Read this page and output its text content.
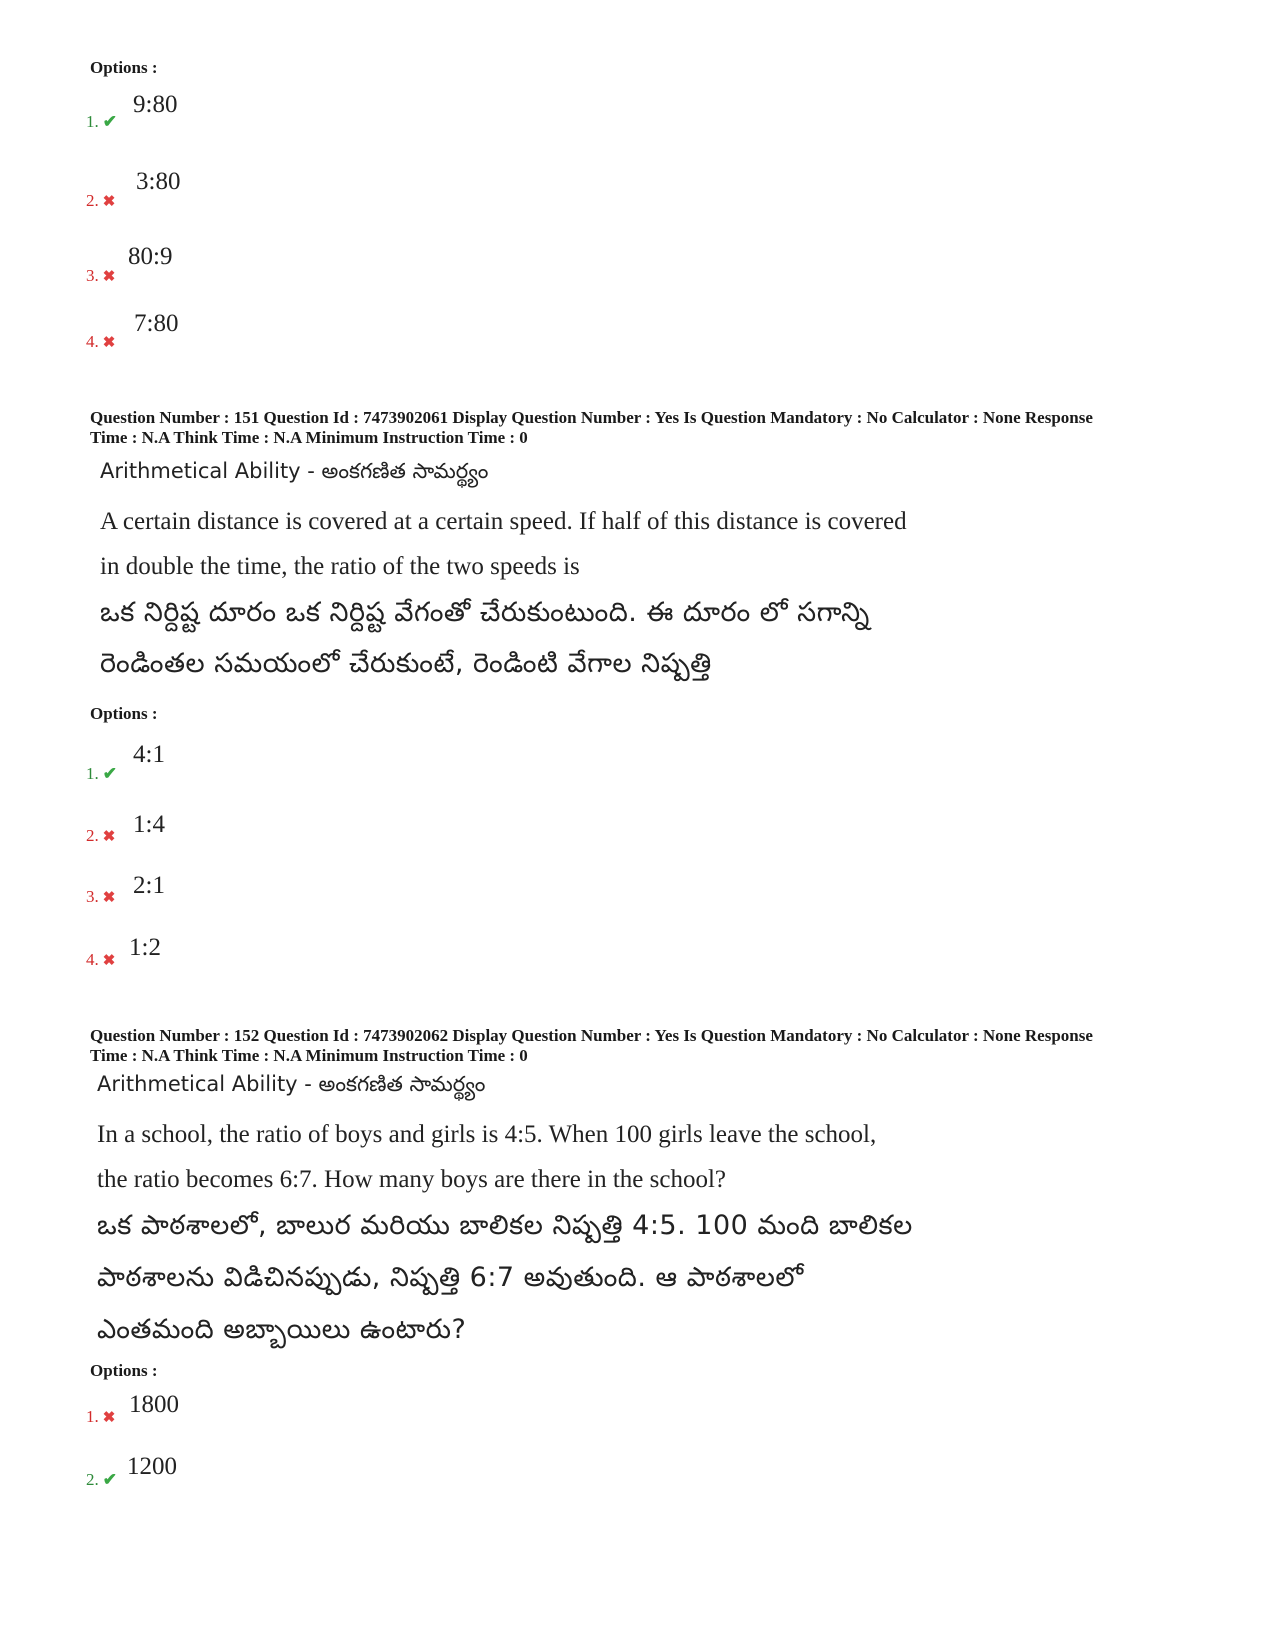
Options :
1. ✔
9:80
2. ✖
3:80
3. ✖
80:9
4. ✖
7:80
Question Number : 151 Question Id : 7473902061 Display Question Number : Yes Is Question Mandatory : No Calculator : None Response
Time : N.A Think Time : N.A Minimum Instruction Time : 0
Arithmetical Ability - అంకగణిత సామర్థ్యం
A certain distance is covered at a certain speed. If half of this distance is covered
in double the time, the ratio of the two speeds is
ఒక నిర్దిష్ట దూరం ఒక నిర్దిష్ట వేగంతో చేరుకుంటుంది. ఈ దూరం లో సగాన్ని
రెండింతల సమయంలో చేరుకుంటే, రెండింటి వేగాల నిష్పత్తి
Options :
1. ✔
4:1
2. ✖ 1:4
3. ✖ 2:1
4. ✖ 1:2
Question Number : 152 Question Id : 7473902062 Display Question Number : Yes Is Question Mandatory : No Calculator : None Response
Time : N.A Think Time : N.A Minimum Instruction Time : 0
Arithmetical Ability - అంకగణిత సామర్థ్యం
In a school, the ratio of boys and girls is 4:5. When 100 girls leave the school,
the ratio becomes 6:7. How many boys are there in the school?
ఒక పాఠశాలలో, బాలుర మరియు బాలికల నిష్పత్తి 4:5. 100 మంది బాలికల
పాఠశాలను విడిచినప్పుడు, నిష్పత్తి 6:7 అవుతుంది. ఆ పాఠశాలలో
ఎంతమంది అబ్బాయిలు ఉంటారు?
Options :
1. ✖ 1800
2. ✔ 1200
